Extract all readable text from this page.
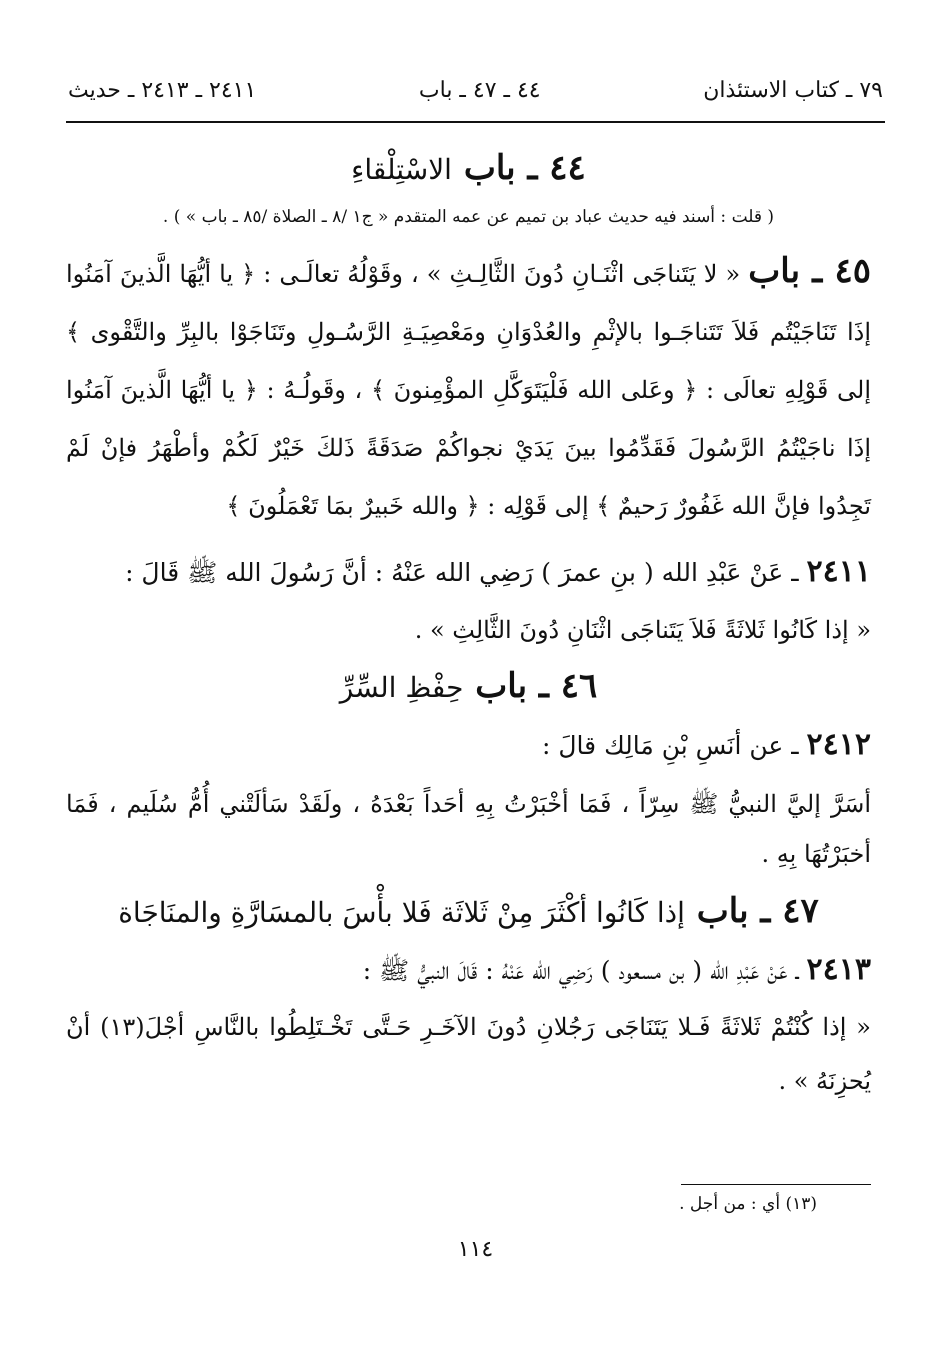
٧٩ ـ كتاب الاستئذان
٤٤ ـ ٤٧ ـ باب
٢٤١١ ـ ٢٤١٣ ـ حديث
٤٤ ـ باب الاسْتِلْقاءِ
( قلت : أسند فيه حديث عباد بن تميم عن عمه المتقدم « ج١ /٨ ـ الصلاة /٨٥ ـ باب » ) .
٤٥ ـ باب « لا يَتَناجَى اثْنَـانِ دُونَ الثَّالِـثِ » ، وقَوْلُهُ تعالَـى : ﴿ يا أيُّهَا الَّذينَ آمَنُوا إذَا تَنَاجَيْتُم فَلاَ تَتَناجَـوا بالإثْمِ والعُدْوَانِ ومَعْصِيَـةِ الرَّسُـولِ وتَنَاجَوْا بالبِرِّ والتَّقْوى ﴾ إلى قَوْلِهِ تعالَى : ﴿ وعَلى الله فَلْيَتَوَكَّلِ المؤْمِنونَ ﴾ ، وقَولُـهُ : ﴿ يا أيُّهَا الَّذينَ آمَنُوا إذَا ناجَيْتُمُ الرَّسُولَ فَقَدِّمُوا بينَ يَدَيْ نجواكُمْ صَدَقَةً ذَلكَ خَيْرٌ لَكُمْ وأطْهَرُ فإنْ لَمْ تَجِدُوا فإنَّ الله غَفُورٌ رَحيمٌ ﴾ إلى قَوْلِه : ﴿ والله خَبيرٌ بمَا تَعْمَلُونَ ﴾
٢٤١١ ـ عَنْ عَبْدِ الله ( بنِ عمرَ ) رَضِي الله عَنْهُ : أنَّ رَسُولَ الله ﷺ قَالَ :
« إذا كَانُوا ثَلاثَةً فَلاَ يَتَناجَى اثْنَانِ دُونَ الثَّالِثِ » .
٤٦ ـ باب حِفْظِ السِّرِّ
٢٤١٢ ـ عن أنَسِ بْنِ مَالِك قالَ :
أسَرَّ إليَّ النبيُّ ﷺ سِرّاً ، فَمَا أخْبَرْتُ بِهِ أحَداً بَعْدَهُ ، ولَقَدْ سَألَتْني أُمُّ سُلَيم ، فَمَا أخبَرْتُهَا بِهِ .
٤٧ ـ باب إذا كَانُوا أكْثَرَ مِنْ ثَلاثَة فَلا بأْسَ بالمسَارَّةِ والمنَاجَاة
٢٤١٣ ـ عَنْ عَبْدِ الله ( بن مسعود ) رَضِي الله عَنْهُ : قَالَ النبيُّ ﷺ :
« إذا كُنْتُمْ ثَلاثَةً فَـلا يَتَنَاجَى رَجُلانِ دُونَ الآخَـرِ حَـتَّى تَخْـتَلِطُوا بالنَّاسِ أجْلَ(١٣) أنْ يُحزِنَهُ » .
(١٣) أي : من أجل .
١١٤
